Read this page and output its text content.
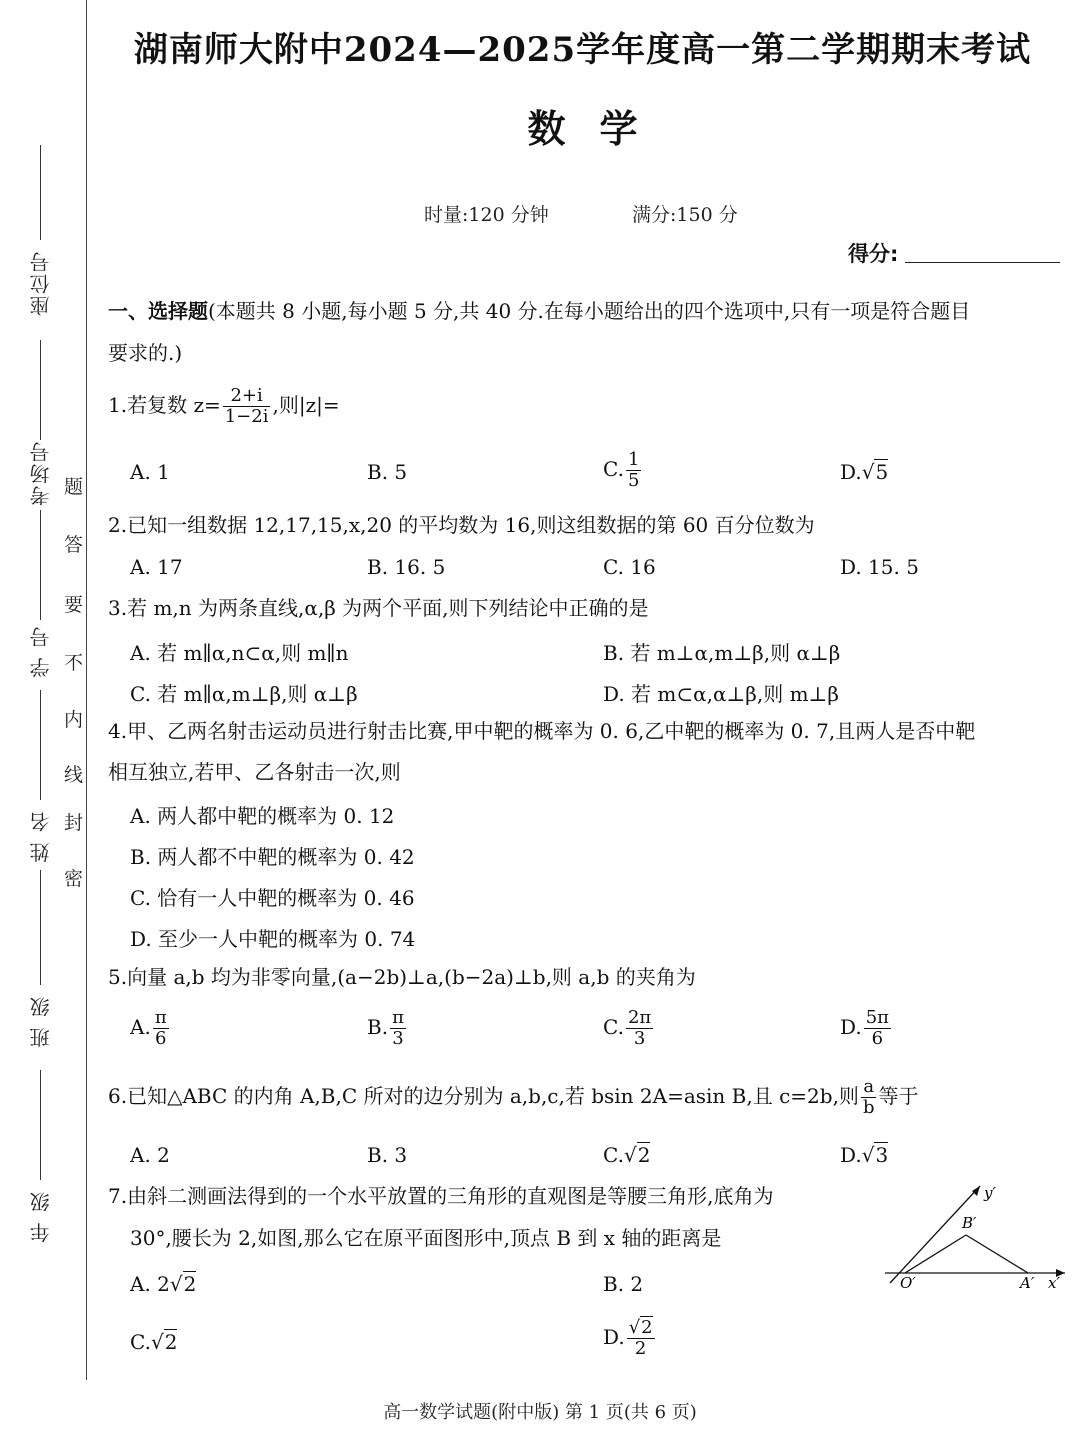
座位号
考场号
学 号
姓 名
班 级
年 级
密
封
线
内
不
要
答
题
湖南师大附中2024—2025学年度高一第二学期期末考试
数学
时量:120 分钟	满分:150 分
得分:
一、选择题(本题共 8 小题,每小题 5 分,共 40 分.在每小题给出的四个选项中,只有一项是符合题目
要求的.)
1.若复数 $z= \frac{2+i}{1-2i}$ ,则|z|=
A. 1	B. 5	C. $\frac{1}{5}$	D.√5
2.已知一组数据 12,17,15,x,20 的平均数为 16,则这组数据的第 60 百分位数为
A. 17	B. 16. 5	C. 16	D. 15. 5
3.若 m,n 为两条直线,α,β 为两个平面,则下列结论中正确的是
A. 若 m∥α,n⊂α,则 m∥n	B. 若 m⊥α,m⊥β,则 α⊥β
C. 若 m∥α,m⊥β,则 α⊥β	D. 若 m⊂α,α⊥β,则 m⊥β
4.甲、乙两名射击运动员进行射击比赛,甲中靶的概率为 0. 6,乙中靶的概率为 0. 7,且两人是否中靶
相互独立,若甲、乙各射击一次,则
A. 两人都中靶的概率为 0. 12
B. 两人都不中靶的概率为 0. 42
C. 恰有一人中靶的概率为 0. 46
D. 至少一人中靶的概率为 0. 74
5.向量 a,b 均为非零向量,(a−2b)⊥a,(b−2a)⊥b,则 a,b 的夹角为
A. $\frac{\pi}{6}$	B. $\frac{\pi}{3}$	C. $\frac{2\pi}{3}$	D. $\frac{5\pi}{6}$
6.已知△ABC 的内角 A,B,C 所对的边分别为 a,b,c,若 bsin 2A=asin B,且 c=2b,则 $\frac{a}{b}$ 等于
A. 2	B. 3	C.√2	D.√3
7.由斜二测画法得到的一个水平放置的三角形的直观图是等腰三角形,底角为
30°,腰长为 2,如图,那么它在原平面图形中,顶点 B 到 x 轴的距离是
A. 2√2	B. 2
C.√2	D. $\frac{√2}{2}$
y′
B′
O′	A′ x′
高一数学试题(附中版) 第 1 页(共 6 页)
